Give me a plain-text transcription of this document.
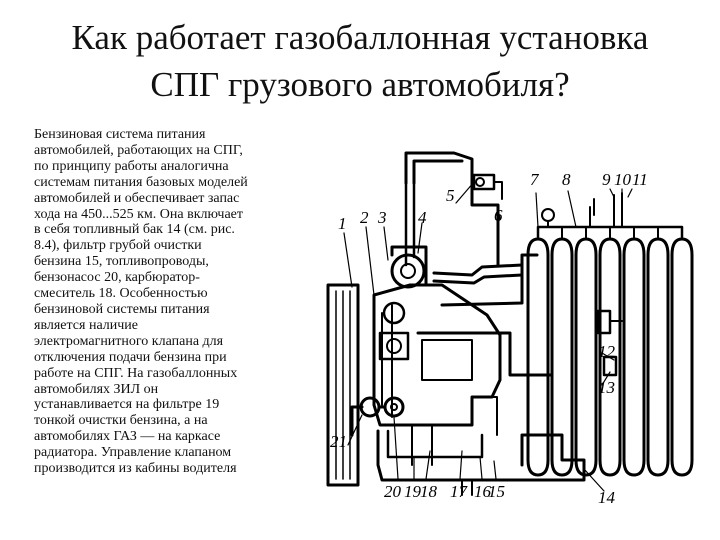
Как работает газобаллонная установка
СПГ грузового автомобиля?
Бензиновая система питания
автомобилей, работающих на СПГ,
по принципу работы аналогична
системам питания базовых моделей
автомобилей и обеспечивает запас
хода на 450...525 км. Она включает
в себя топливный бак 14 (см. рис.
8.4), фильтр грубой очистки
бензина 15, топливопроводы,
бензонасос 20, карбюратор-
смеситель 18. Особенностью
бензиновой системы питания
является наличие
электромагнитного клапана для
отключения подачи бензина при
работе на СПГ. На газобаллонных
автомобилях ЗИЛ он
устанавливается на фильтре 19
тонкой очистки бензина, а на
автомобилях ГАЗ — на каркасе
радиатора. Управление клапаном
производится из кабины водителя
1 2 3 4
5
6
7 8 9 10 11
12
13
14
15
16
17
18
19
20
21
